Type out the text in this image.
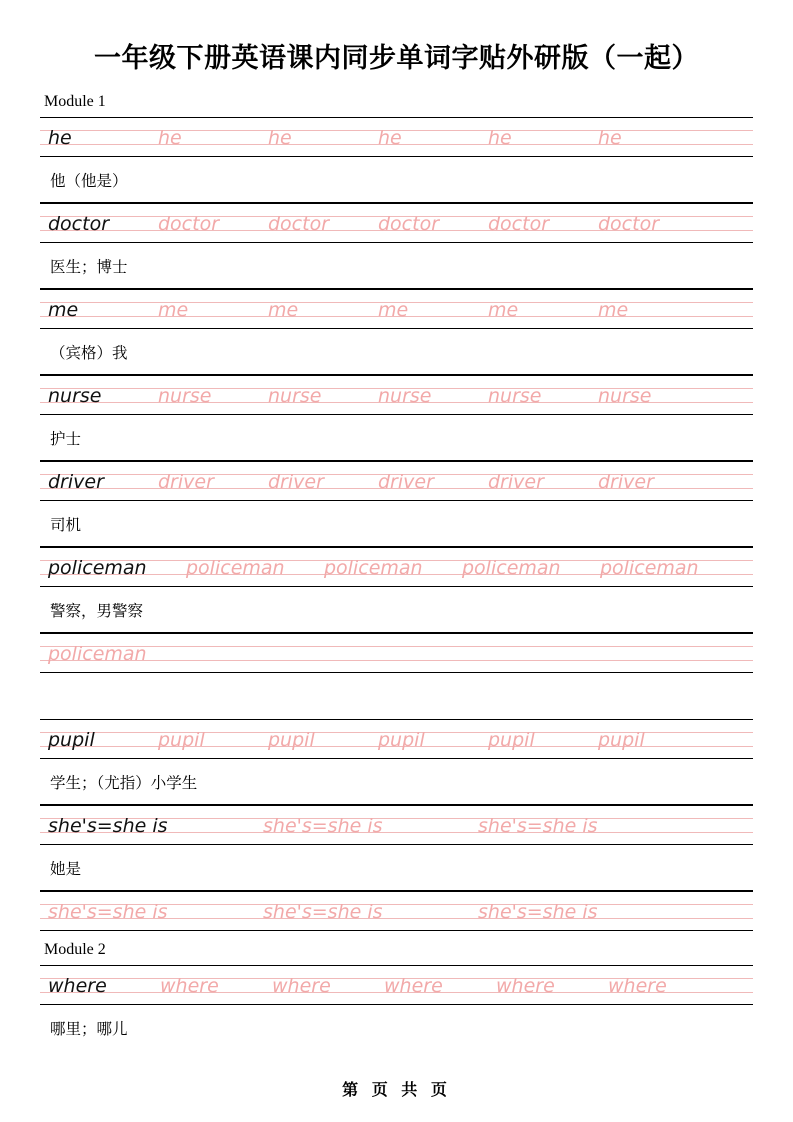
一年级下册英语课内同步单词字贴外研版（一起）
Module 1
he	he	he	he	he	he
他（他是）
doctor	doctor	doctor	doctor	doctor	doctor
医生；博士
me	me	me	me	me	me
（宾格）我
nurse	nurse	nurse	nurse	nurse	nurse
护士
driver	driver	driver	driver	driver	driver
司机
policeman	policeman	policeman	policeman	policeman
警察，男警察
policeman
pupil	pupil	pupil	pupil	pupil	pupil
学生；（尤指）小学生
she's=she is	she's=she is	she's=she is
她是
she's=she is	she's=she is	she's=she is
Module 2
where	where	where	where	where	where
哪里；哪儿
第 页 共 页
